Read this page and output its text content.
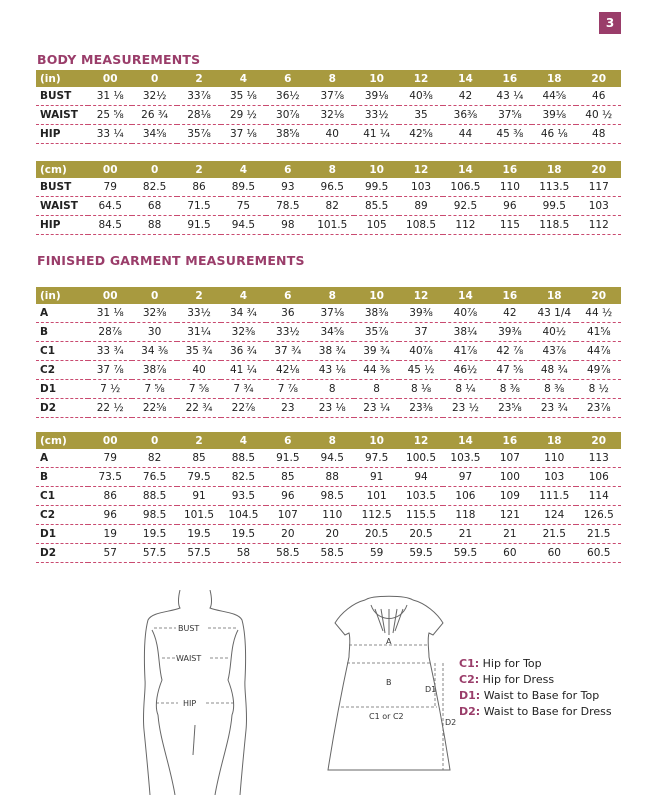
3
BODY MEASUREMENTS
(in)	00	0	2	4	6	8	10	12	14	16	18	20
BUST	31 ⅛	32½	33⅞	35 ⅛	36½	37⅞	39⅛	40⅜	42	43 ¼	44⅝	46
WAIST	25 ⅝	26 ¾	28⅛	29 ½	30⅞	32⅛	33½	35	36⅜	37⅝	39⅛	40 ½
HIP	33 ¼	34⅝	35⅞	37 ⅛	38⅝	40	41 ¼	42⅝	44	45 ⅜	46 ⅛	48
(cm)	00	0	2	4	6	8	10	12	14	16	18	20
BUST	79	82.5	86	89.5	93	96.5	99.5	103	106.5	110	113.5	117
WAIST	64.5	68	71.5	75	78.5	82	85.5	89	92.5	96	99.5	103
HIP	84.5	88	91.5	94.5	98	101.5	105	108.5	112	115	118.5	112
FINISHED GARMENT MEASUREMENTS
(in)	00	0	2	4	6	8	10	12	14	16	18	20
A	31 ⅛	32⅜	33½	34 ¾	36	37⅛	38⅜	39⅜	40⅞	42	43 1/4	44 ½
B	28⅞	30	31¼	32⅜	33½	34⅝	35⅞	37	38¼	39⅜	40½	41⅝
C1	33 ¾	34 ⅜	35 ¾	36 ¾	37 ¾	38 ¾	39 ¾	40⅞	41⅞	42 ⅞	43⅞	44⅞
C2	37 ⅞	38⅞	40	41 ¼	42⅛	43 ⅛	44 ⅜	45 ½	46½	47 ⅝	48 ¾	49⅞
D1	7 ½	7 ⅝	7 ⅝	7 ¾	7 ⅞	8	8	8 ⅛	8 ¼	8 ⅜	8 ⅜	8 ½
D2	22 ½	22⅝	22 ¾	22⅞	23	23 ⅛	23 ¼	23⅜	23 ½	23⅝	23 ¾	23⅞
(cm)	00	0	2	4	6	8	10	12	14	16	18	20
A	79	82	85	88.5	91.5	94.5	97.5	100.5	103.5	107	110	113
B	73.5	76.5	79.5	82.5	85	88	91	94	97	100	103	106
C1	86	88.5	91	93.5	96	98.5	101	103.5	106	109	111.5	114
C2	96	98.5	101.5	104.5	107	110	112.5	115.5	118	121	124	126.5
D1	19	19.5	19.5	19.5	20	20	20.5	20.5	21	21	21.5	21.5
D2	57	57.5	57.5	58	58.5	58.5	59	59.5	59.5	60	60	60.5
BUST
WAIST
HIP
A
B
C1 or C2
D1
D2
C1: Hip for Top
C2: Hip for Dress
D1: Waist to Base for Top
D2: Waist to Base for Dress
